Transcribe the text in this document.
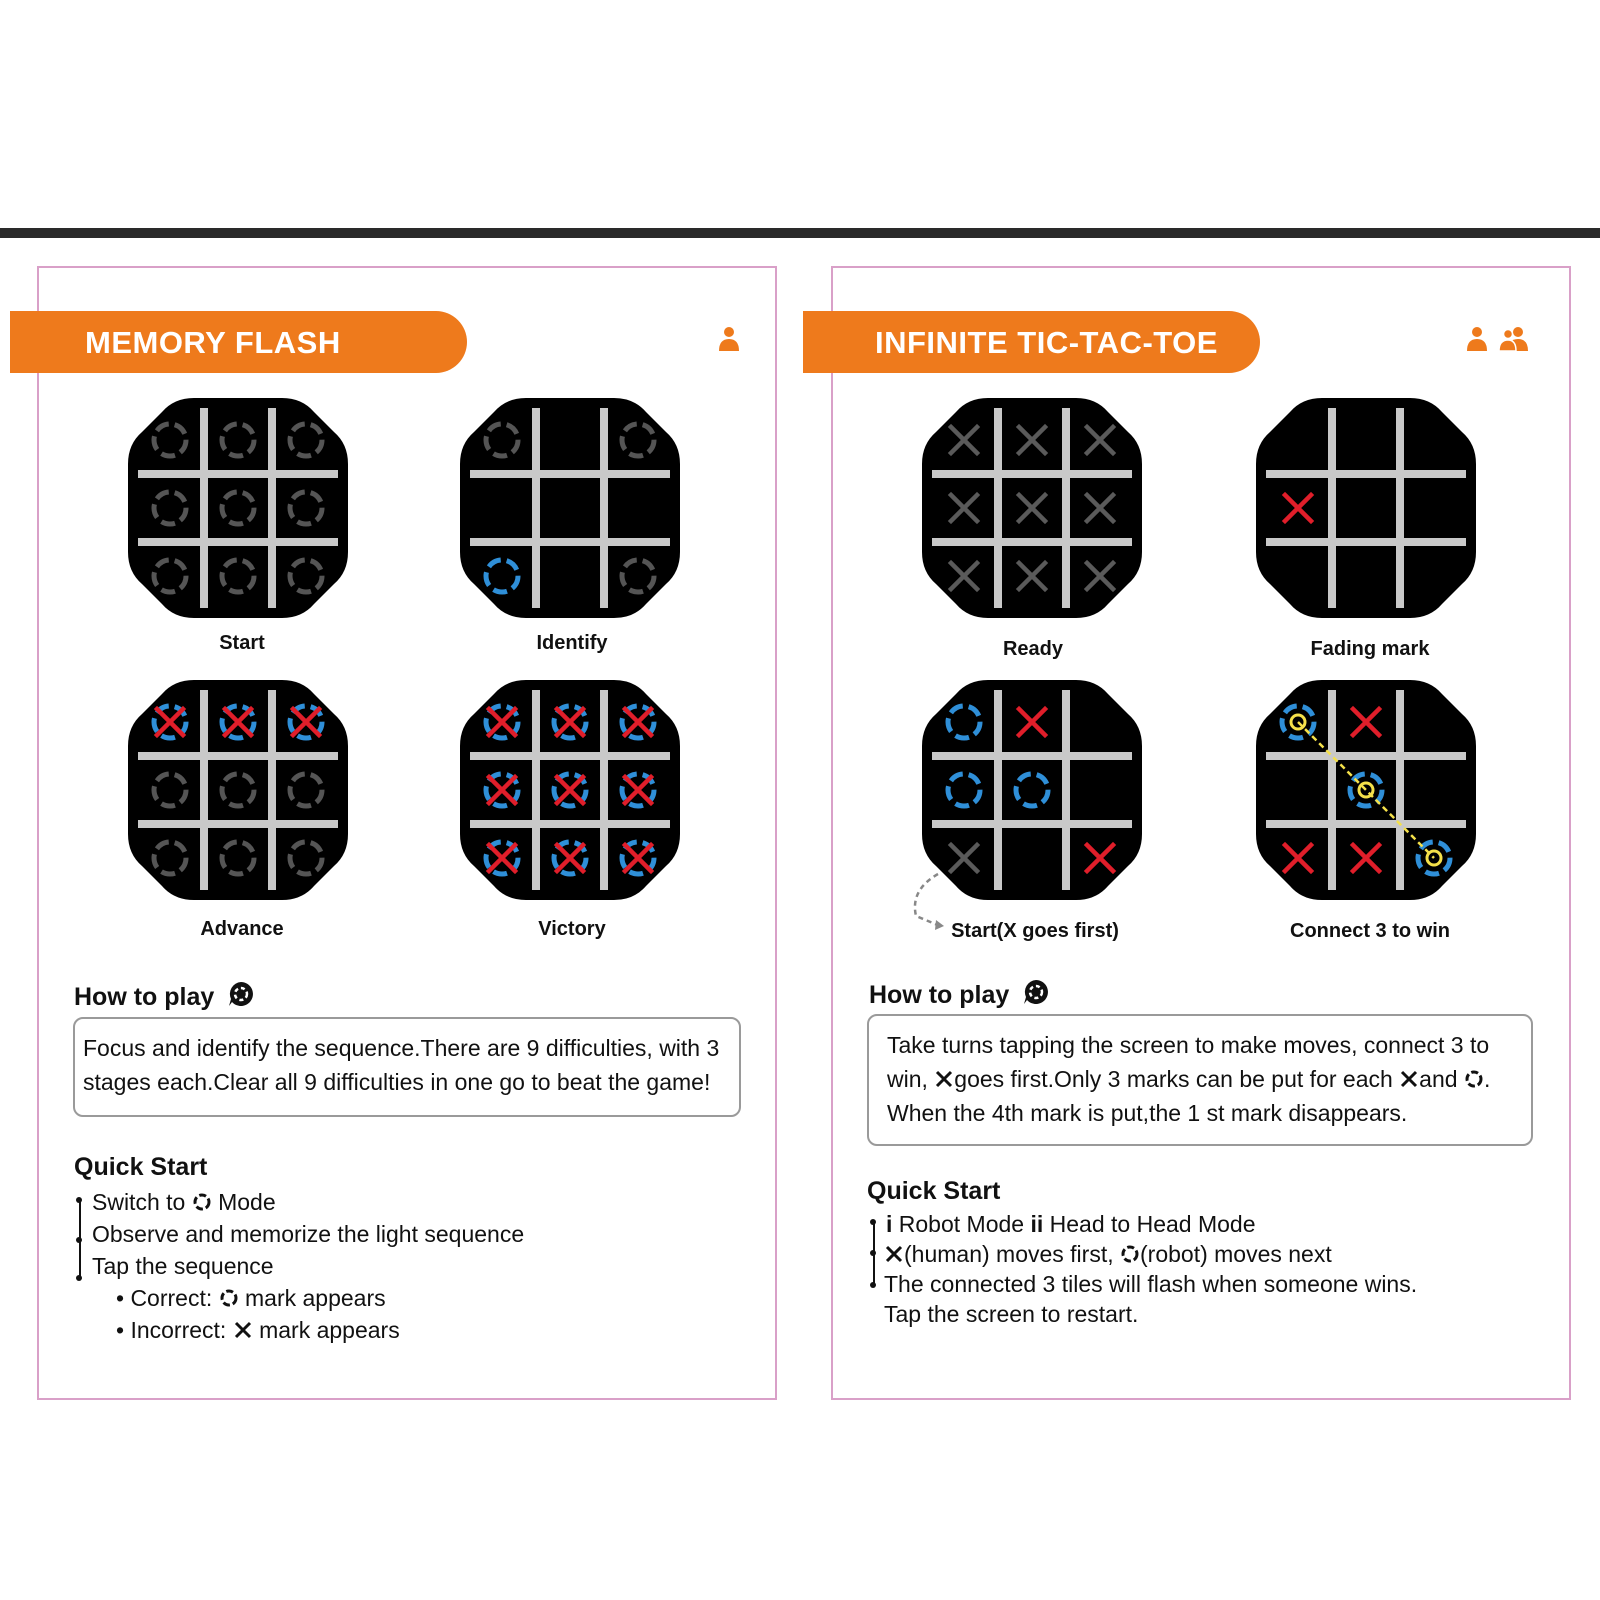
MEMORY FLASH
Start	Identify
Advance	Victory
How to play

Focus and identify the sequence.There are 9 difficulties, with 3

stages each.Clear all 9 difficulties in one go to beat the game!

Quick Start
Switch to ○ Mode
Observe and memorize the light sequence
Tap the sequence
• Correct: ○ mark appears
• Incorrect: mark appears
INFINITE TIC-TAC-TOE

Ready	Fading mark
Start(X goes first)	Connect 3 to win
How to play

Take turns tapping the screen to make moves, connect 3 to

win, goes first.Only 3 marks can be put for each and ○.

When the 4th mark is put,the 1 st mark disappears.

Quick Start
i Robot Mode ii Head to Head Mode
(human) moves first, ○(robot) moves next
The connected 3 tiles will flash when someone wins.
Tap the screen to restart.
